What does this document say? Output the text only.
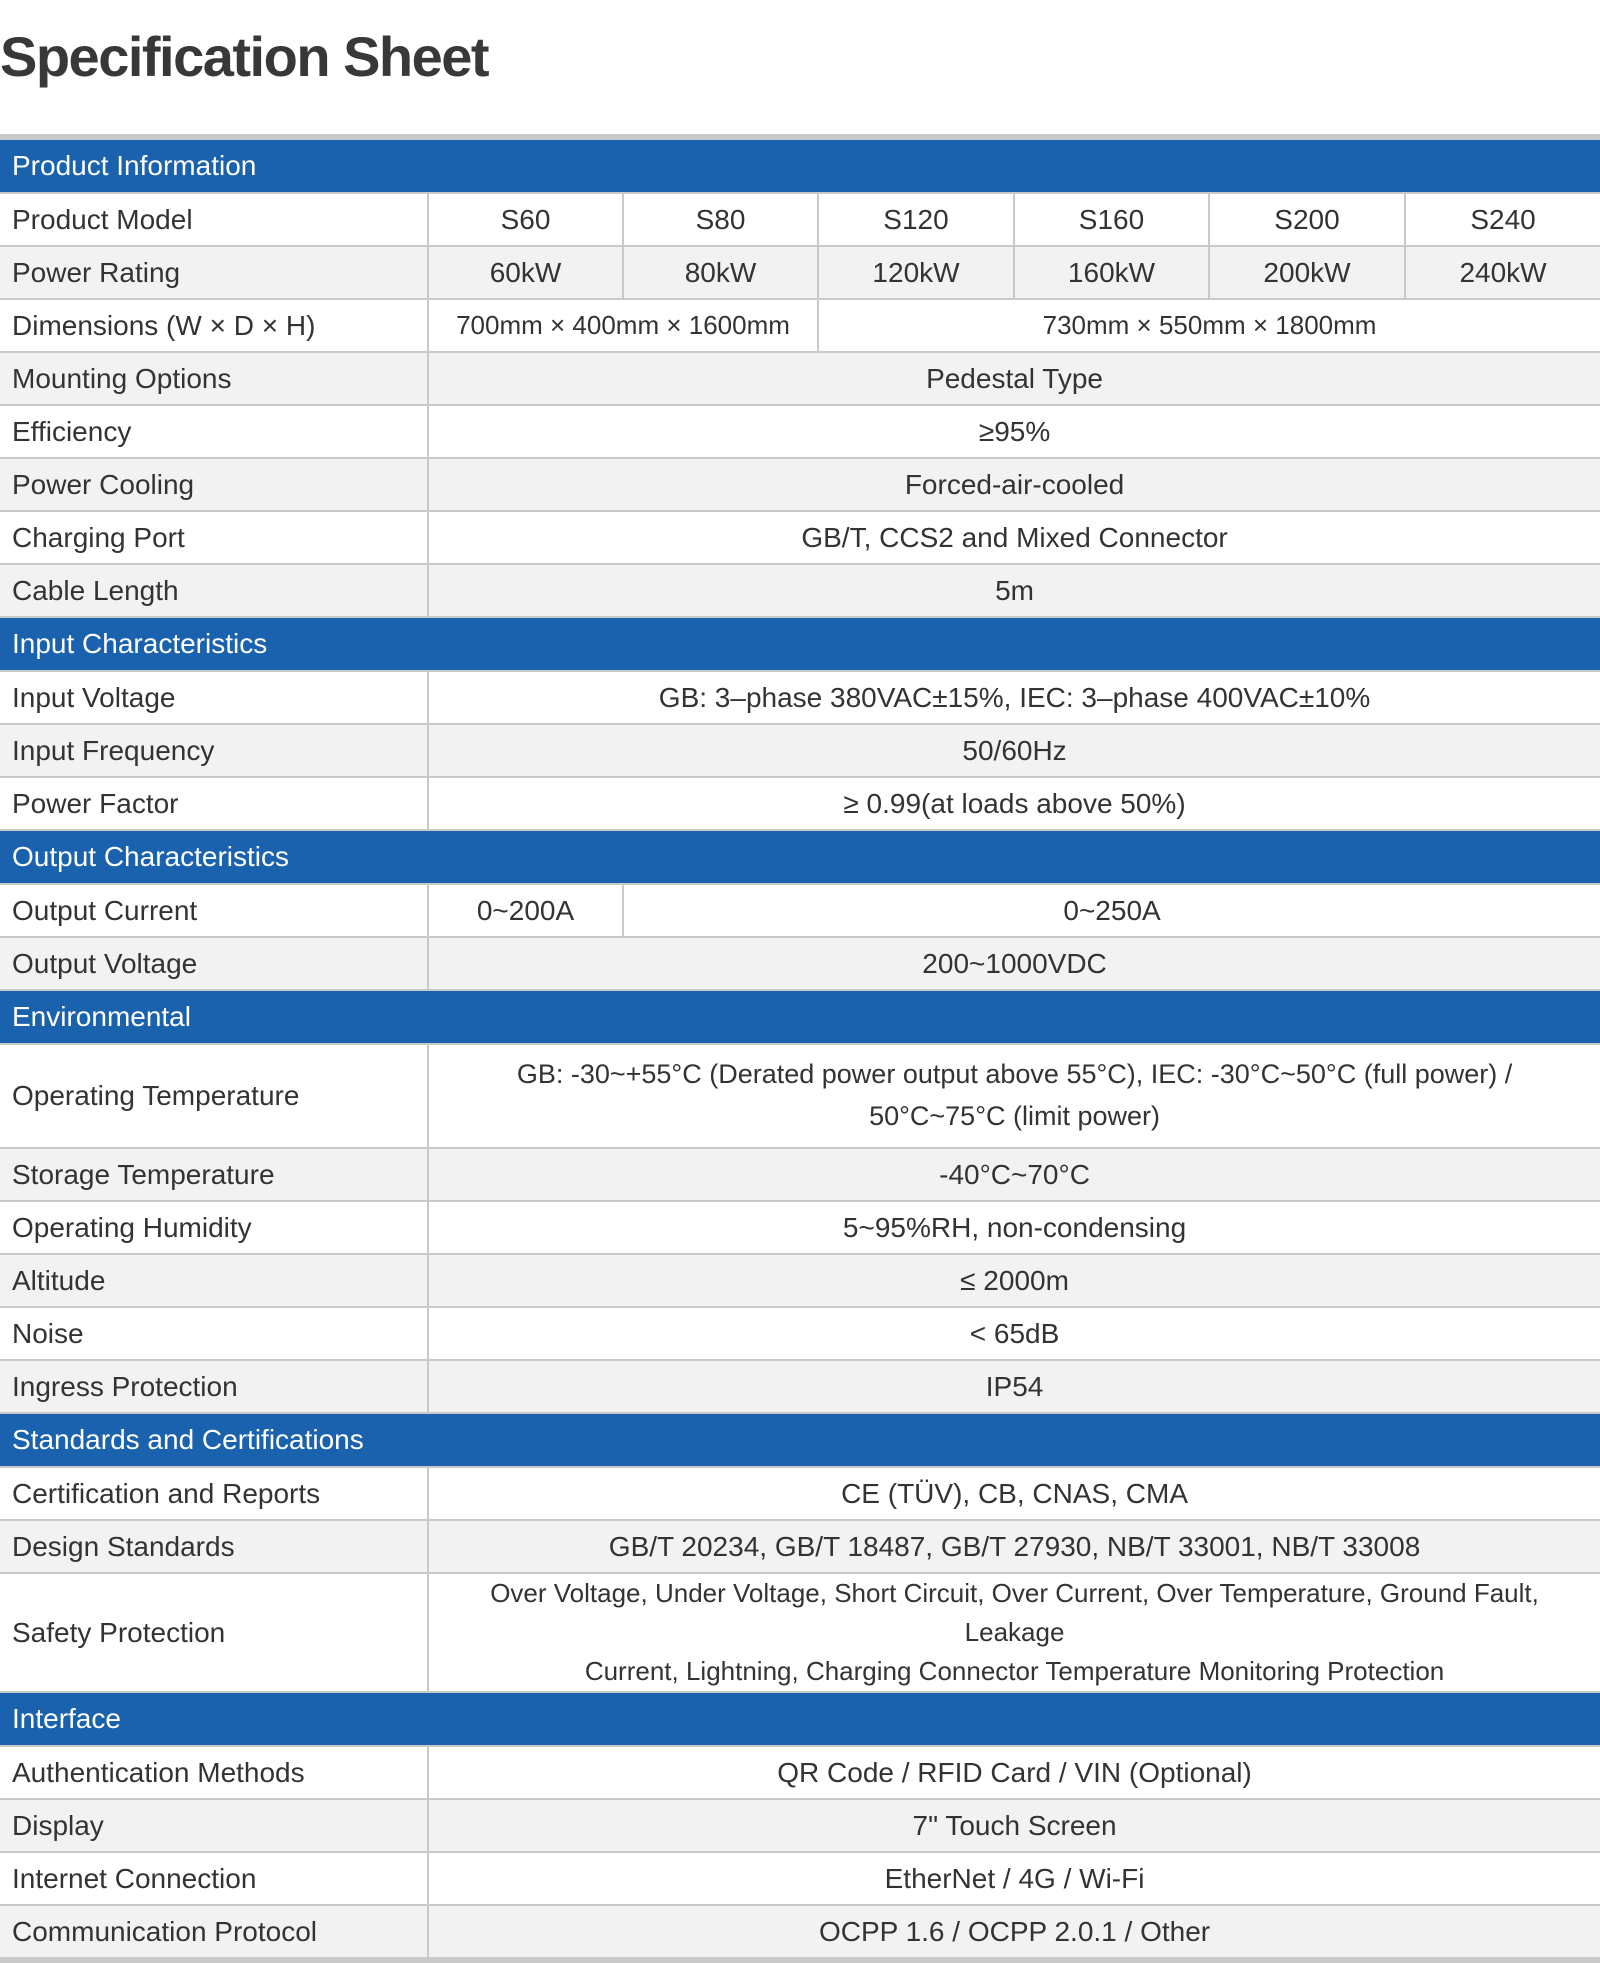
Specification Sheet
Product Information						
Product Model	S60	S80	S120	S160	S200	S240
Power Rating	60kW	80kW	120kW	160kW	200kW	240kW
Dimensions (W × D × H)	700mm × 400mm × 1600mm		730mm × 550mm × 1800mm			
Mounting Options	Pedestal Type					
Efficiency	≥95%					
Power Cooling	Forced-air-cooled					
Charging Port	GB/T, CCS2 and Mixed Connector					
Cable Length	5m					
Input Characteristics						
Input Voltage	GB: 3–phase 380VAC±15%, IEC: 3–phase 400VAC±10%					
Input Frequency	50/60Hz					
Power Factor	≥ 0.99(at loads above 50%)					
Output Characteristics						
Output Current	0~200A	0~250A				
Output Voltage	200~1000VDC					
Environmental						
Operating Temperature	GB: -30~+55°C (Derated power output above 55°C), IEC: -30°C~50°C (full power) /
50°C~75°C (limit power)					

Storage Temperature	-40°C~70°C					
Operating Humidity	5~95%RH, non-condensing					
Altitude	≤ 2000m					
Noise	< 65dB					
Ingress Protection	IP54					
Standards and Certifications						
Certification and Reports	CE (TÜV), CB, CNAS, CMA					
Design Standards	GB/T 20234, GB/T 18487, GB/T 27930, NB/T 33001, NB/T 33008					
Safety Protection	Over Voltage, Under Voltage, Short Circuit, Over Current, Over Temperature, Ground Fault, Leakage
Current, Lightning, Charging Connector Temperature Monitoring Protection					

Interface						
Authentication Methods	QR Code / RFID Card / VIN (Optional)					
Display	7" Touch Screen					
Internet Connection	EtherNet / 4G / Wi-Fi					
Communication Protocol	OCPP 1.6 / OCPP 2.0.1 / Other					
